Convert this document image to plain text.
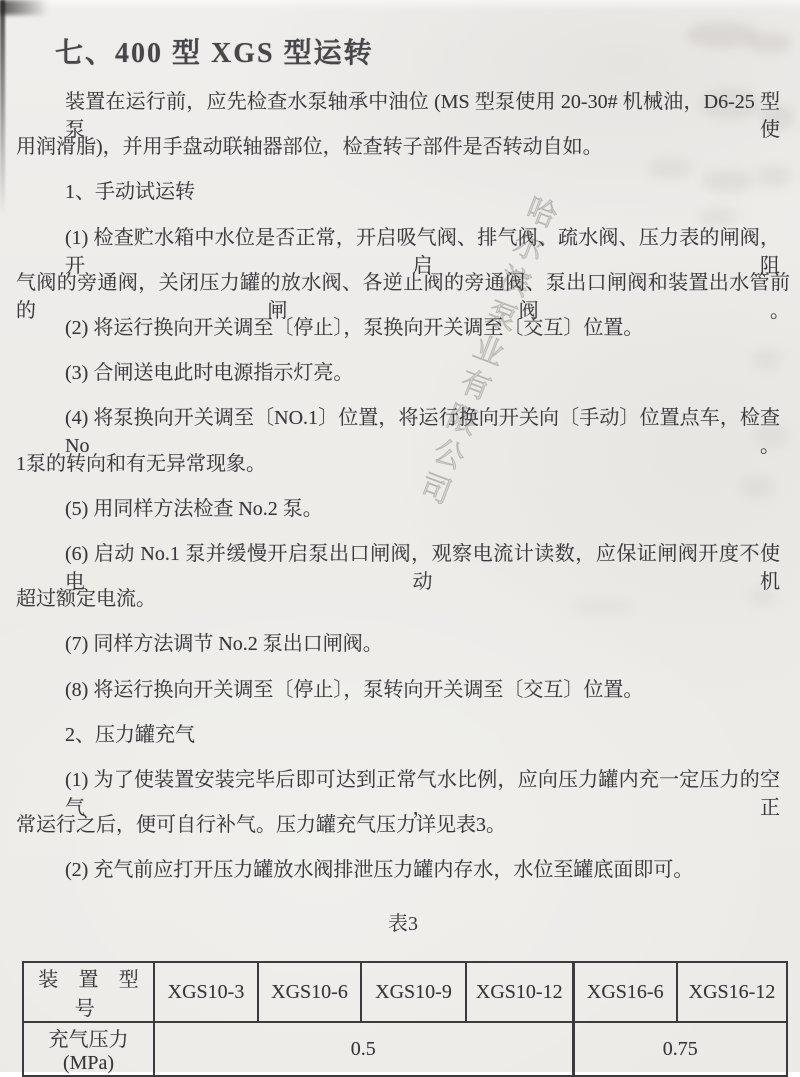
哈尔滨泵业有限公司
七、400 型 XGS 型运转
装置在运行前，应先检查水泵轴承中油位 (MS 型泵使用 20-30# 机械油，D6-25 型泵使
用润滑脂)，并用手盘动联轴器部位，检查转子部件是否转动自如。
1、手动试运转
(1) 检查贮水箱中水位是否正常，开启吸气阀、排气阀、疏水阀、压力表的闸阀，开启阻
气阀的旁通阀，关闭压力罐的放水阀、各逆止阀的旁通阀、泵出口闸阀和装置出水管前的闸阀。
(2) 将运行换向开关调至〔停止〕，泵换向开关调至〔交互〕位置。
(3) 合闸送电此时电源指示灯亮。
(4) 将泵换向开关调至〔NO.1〕位置，将运行换向开关向〔手动〕位置点车，检查 No。
1泵的转向和有无异常现象。
(5) 用同样方法检查 No.2 泵。
(6) 启动 No.1 泵并缓慢开启泵出口闸阀，观察电流计读数，应保证闸阀开度不使电动机
超过额定电流。
(7) 同样方法调节 No.2 泵出口闸阀。
(8) 将运行换向开关调至〔停止〕，泵转向开关调至〔交互〕位置。
2、压力罐充气
(1) 为了使装置安装完毕后即可达到正常气水比例，应向压力罐内充一定压力的空气，正
常运行之后，便可自行补气。压力罐充气压力详见表3。
(2) 充气前应打开压力罐放水阀排泄压力罐内存水，水位至罐底面即可。
表3
装 置 型 号	XGS10-3	XGS10-6	XGS10-9	XGS10-12	XGS16-6	XGS16-12
充气压力(MPa)	0.5				0.75	
